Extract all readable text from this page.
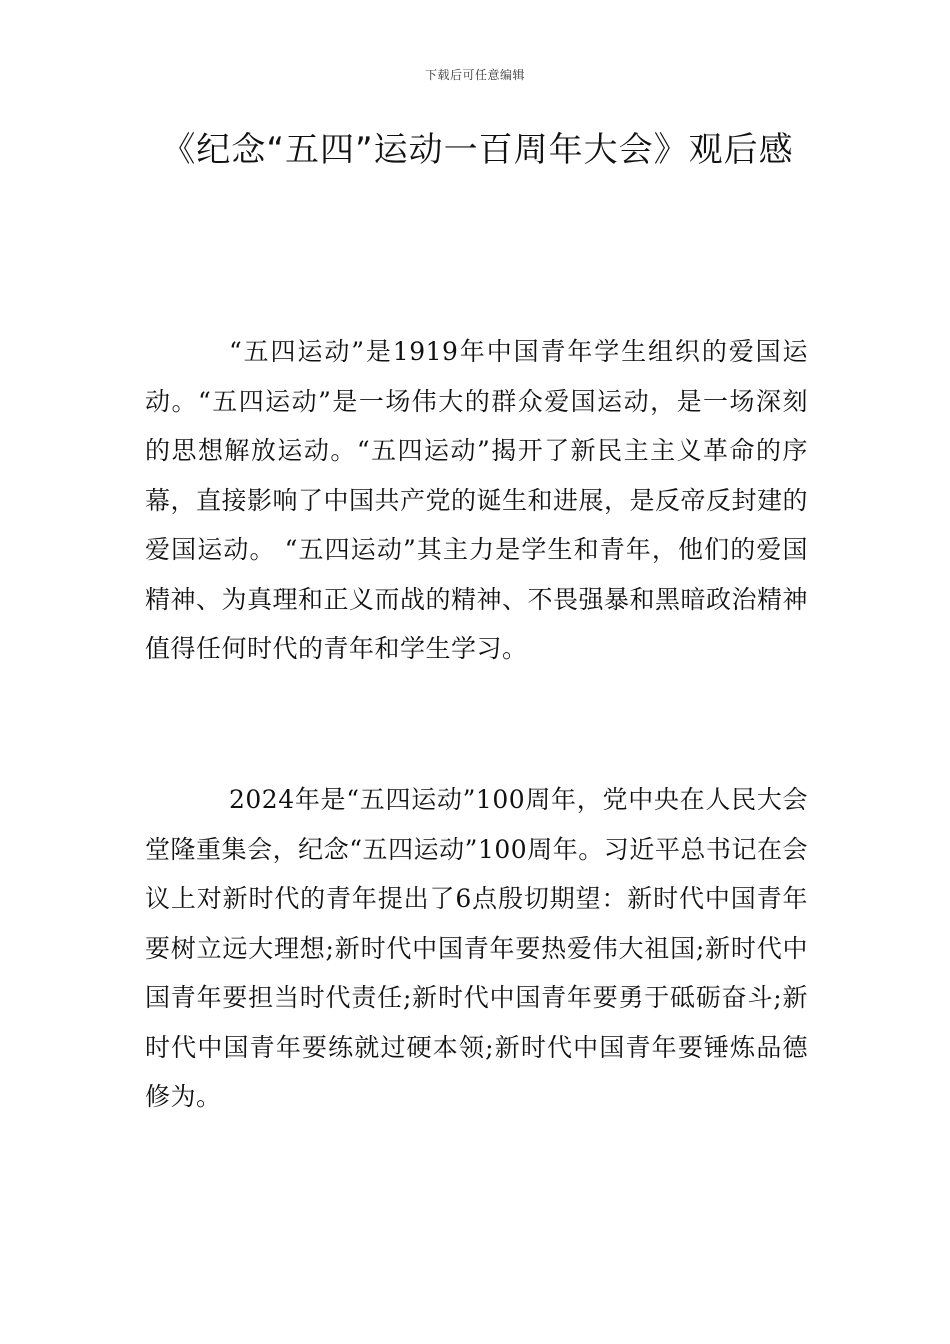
下载后可任意编辑
《纪念“五四”运动一百周年大会》观后感

“五四运动”是1919年中国青年学生组织的爱国运动。“五四运动”是一场伟大的群众爱国运动，是一场深刻的思想解放运动。“五四运动”揭开了新民主主义革命的序幕，直接影响了中国共产党的诞生和进展，是反帝反封建的爱国运动。 “五四运动”其主力是学生和青年，他们的爱国精神、为真理和正义而战的精神、不畏强暴和黑暗政治精神值得任何时代的青年和学生学习。

2024年是“五四运动”100周年，党中央在人民大会堂隆重集会，纪念“五四运动”100周年。习近平总书记在会议上对新时代的青年提出了6点殷切期望：新时代中国青年要树立远大理想;新时代中国青年要热爱伟大祖国;新时代中国青年要担当时代责任;新时代中国青年要勇于砥砺奋斗;新时代中国青年要练就过硬本领;新时代中国青年要锤炼品德修为。
